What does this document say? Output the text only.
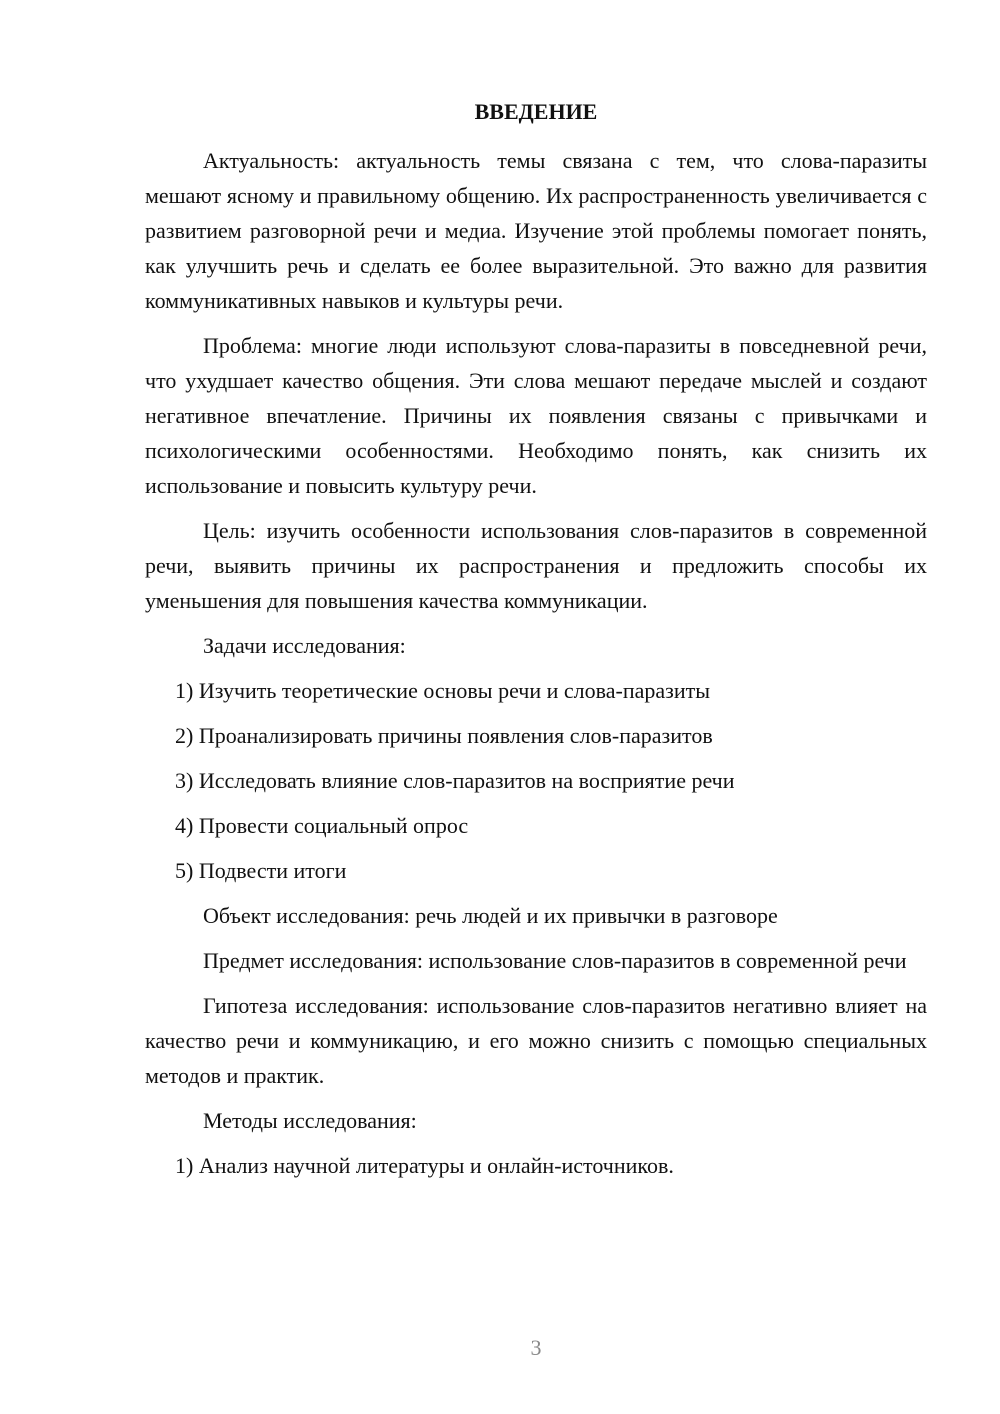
ВВЕДЕНИЕ

Актуальность: актуальность темы связана с тем, что слова-паразиты мешают ясному и правильному общению. Их распространенность увеличивается с развитием разговорной речи и медиа. Изучение этой проблемы помогает понять, как улучшить речь и сделать ее более выразительной. Это важно для развития коммуникативных навыков и культуры речи.

Проблема: многие люди используют слова-паразиты в повседневной речи, что ухудшает качество общения. Эти слова мешают передаче мыслей и создают негативное впечатление. Причины их появления связаны с привычками и психологическими особенностями. Необходимо понять, как снизить их использование и повысить культуру речи.

Цель: изучить особенности использования слов-паразитов в современной речи, выявить причины их распространения и предложить способы их уменьшения для повышения качества коммуникации.

Задачи исследования:

1) Изучить теоретические основы речи и слова-паразиты

2) Проанализировать причины появления слов-паразитов

3) Исследовать влияние слов-паразитов на восприятие речи

4) Провести социальный опрос

5) Подвести итоги

Объект исследования: речь людей и их привычки в разговоре

Предмет исследования: использование слов-паразитов в современной речи

Гипотеза исследования: использование слов-паразитов негативно влияет на качество речи и коммуникацию, и его можно снизить с помощью специальных методов и практик.

Методы исследования:

1) Анализ научной литературы и онлайн-источников.

3
